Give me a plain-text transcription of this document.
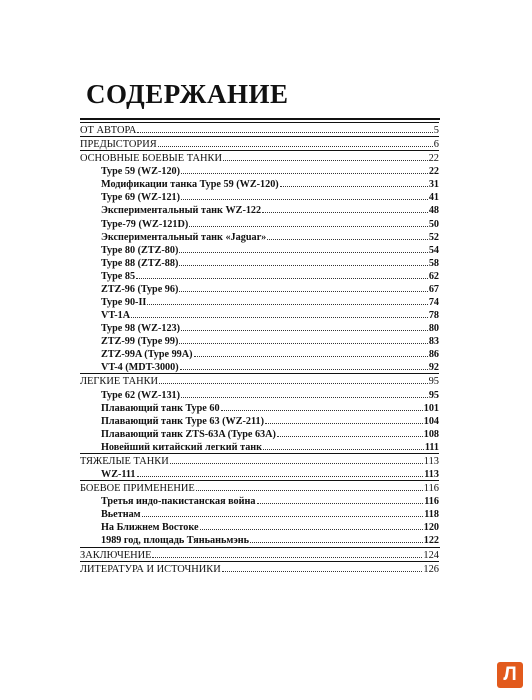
СОДЕРЖАНИЕ
ОТ АВТОРА	5
ПРЕДЫСТОРИЯ	6
ОСНОВНЫЕ БОЕВЫЕ ТАНКИ	22
Type 59 (WZ-120)	22
Модификации танка Type 59 (WZ-120)	31
Type 69 (WZ-121)	41
Экспериментальный танк WZ-122	48
Type-79 (WZ-121D)	50
Экспериментальный танк «Jaguar»	52
Type 80 (ZTZ-80)	54
Type 88 (ZTZ-88)	58
Type 85	62
ZTZ-96 (Type 96)	67
Type 90-II	74
VT-1A	78
Type 98 (WZ-123)	80
ZTZ-99 (Type 99)	83
ZTZ-99A (Type 99A)	86
VT-4 (MDT-3000)	92
ЛЕГКИЕ ТАНКИ	95
Type 62 (WZ-131)	95
Плавающий танк Type 60	101
Плавающий танк Type 63 (WZ-211)	104
Плавающий танк ZTS-63A (Type 63A)	108
Новейший китайский легкий танк	111
ТЯЖЕЛЫЕ ТАНКИ	113
WZ-111	113
БОЕВОЕ ПРИМЕНЕНИЕ	116
Третья индо-пакистанская война	116
Вьетнам	118
На Ближнем Востоке	120
1989 год, площадь Тяньаньмэнь	122
ЗАКЛЮЧЕНИЕ	124
ЛИТЕРАТУРА И ИСТОЧНИКИ	126
Л
